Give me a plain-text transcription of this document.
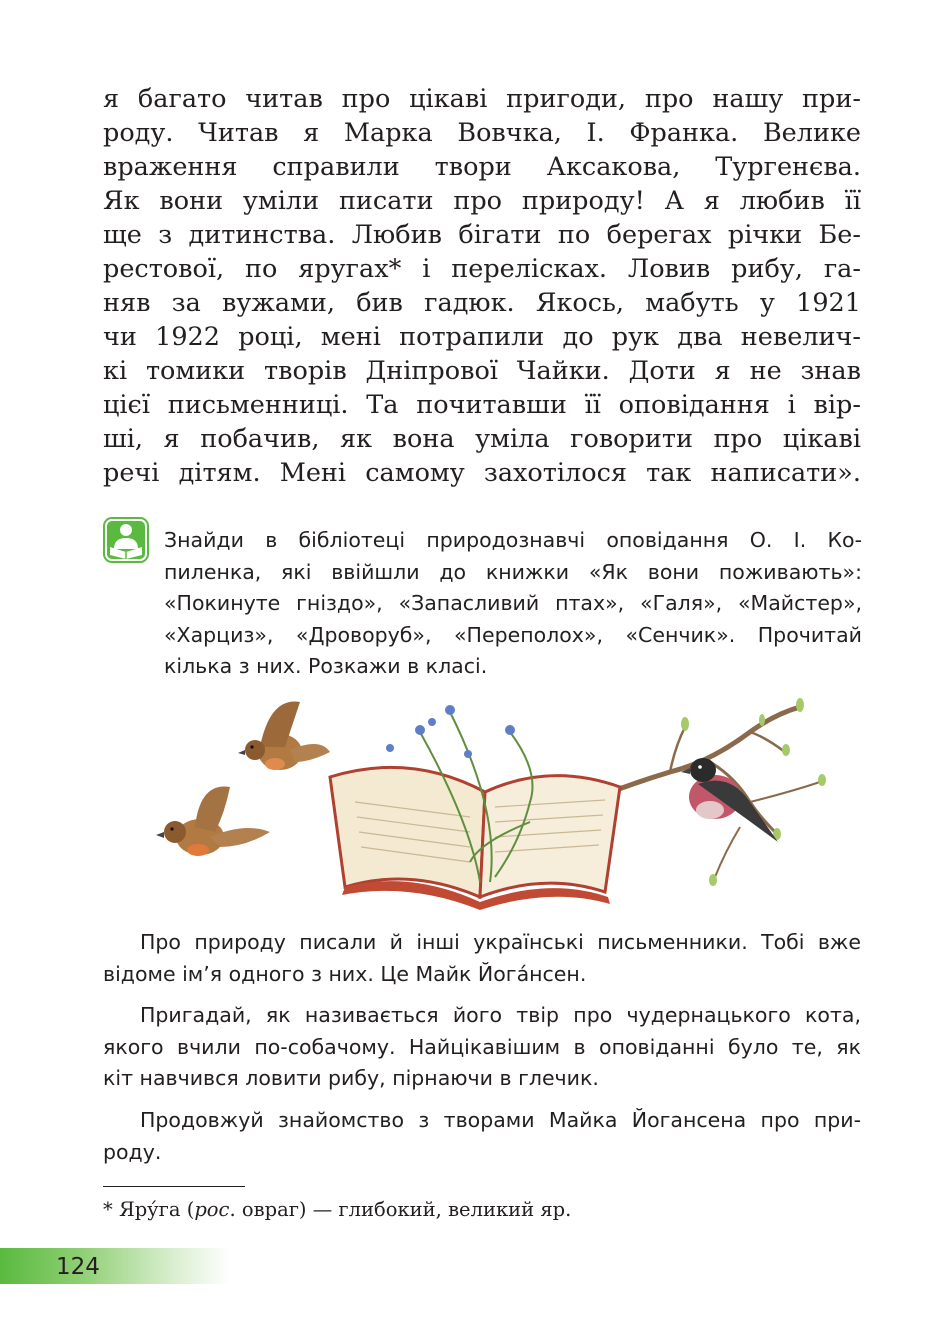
я багато читав про цікаві пригоди, про нашу при-
роду. Читав я Марка Вовчка, І. Франка. Велике
враження справили твори Аксакова, Тургенєва.
Як вони уміли писати про природу! А я любив її
ще з дитинства. Любив бігати по берегах річки Бе-
рестової, по яругах* і перелісках. Ловив рибу, га-
няв за вужами, бив гадюк. Якось, мабуть у 1921
чи 1922 році, мені потрапили до рук два невелич-
кі томики творів Дніпрової Чайки. Доти я не знав
цієї письменниці. Та почитавши її оповідання і вір-
ші, я побачив, як вона уміла говорити про цікаві
речі дітям. Мені самому захотілося так написати».
Знайди в бібліотеці природознавчі оповідання О. І. Ко-
пиленка, які ввійшли до книжки «Як вони поживають»:
«Покинуте гніздо», «Запасливий птах», «Галя», «Майстер»,
«Харциз», «Дроворуб», «Переполох», «Сенчик». Прочитай
кілька з них. Розкажи в класі.
Про природу писали й інші українські письменники. Тобі вже
відоме ім’я одного з них. Це Майк Йога́нсен.
Пригадай, як називається його твір про чудернацького кота,
якого вчили по-собачому. Найцікавішим в оповіданні було те, як
кіт навчився ловити рибу, пірнаючи в глечик.
Продовжуй знайомство з творами Майка Йогансена про при-
роду.
* Яру́га (рос. овраг) — глибокий, великий яр.
124
